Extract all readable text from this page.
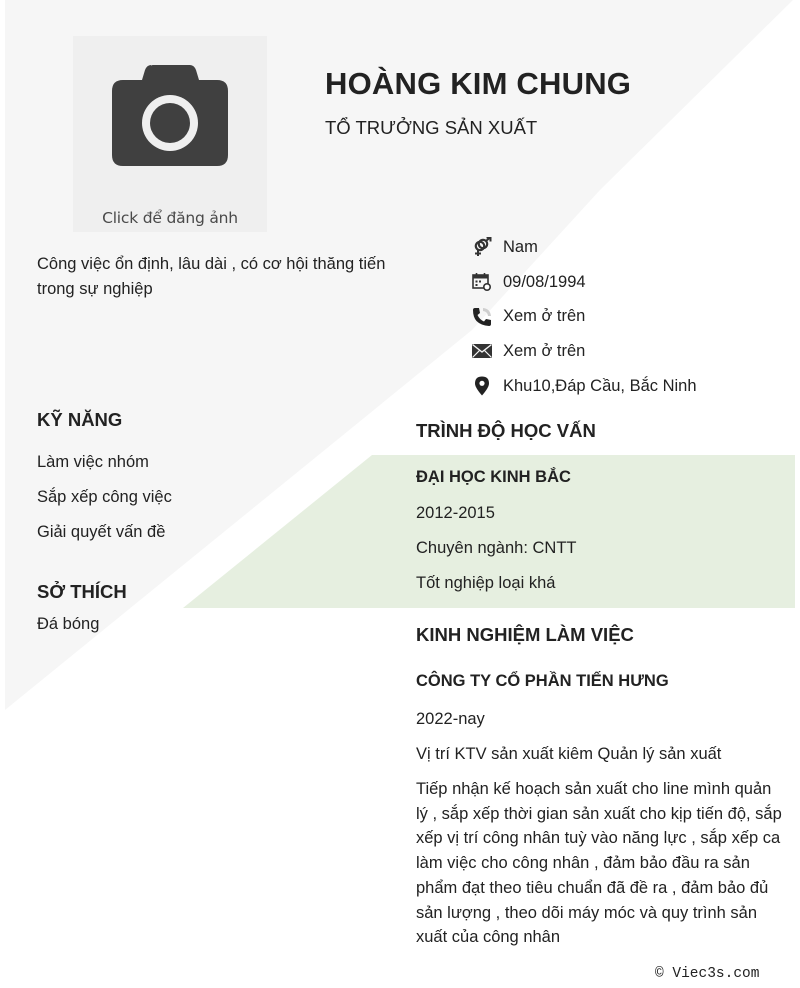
Click để đăng ảnh
HOÀNG KIM CHUNG
TỔ TRƯỞNG SẢN XUẤT
Công việc ổn định, lâu dài , có cơ hội thăng tiến trong sự nghiệp
Nam
09/08/1994
Xem ở trên
Xem ở trên
Khu10,Đáp Cầu, Bắc Ninh
KỸ NĂNG
Làm việc nhóm
Sắp xếp công việc
Giải quyết vấn đề
SỞ THÍCH
Đá bóng
TRÌNH ĐỘ HỌC VẤN
ĐẠI HỌC KINH BẮC
2012-2015
Chuyên ngành: CNTT
Tốt nghiệp loại khá
KINH NGHIỆM LÀM VIỆC
CÔNG TY CỔ PHẦN TIẾN HƯNG
2022-nay
Vị trí KTV sản xuất kiêm Quản lý sản xuất
Tiếp nhận kế hoạch sản xuất cho line mình quản lý , sắp xếp thời gian sản xuất cho kịp tiến độ, sắp xếp vị trí công nhân tuỳ vào năng lực , sắp xếp ca làm việc cho công nhân , đảm bảo đầu ra sản phẩm đạt theo tiêu chuẩn đã đề ra , đảm bảo đủ sản lượng , theo dõi máy móc và quy trình sản xuất của công nhân
© Viec3s.com
